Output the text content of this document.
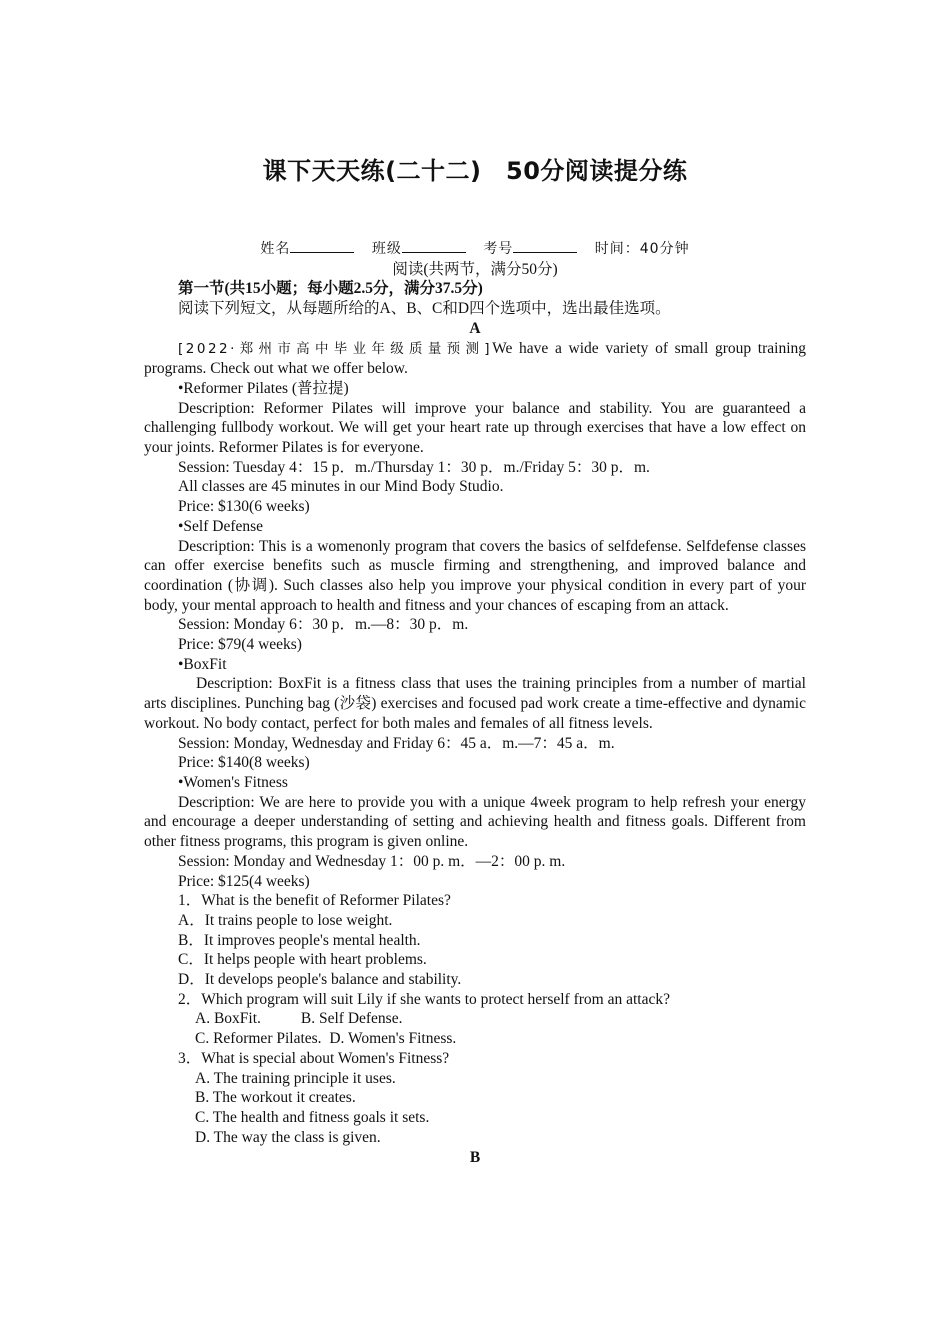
课下天天练(二十二)　50分阅读提分练

姓名	班级	考号	时间：40分钟

阅读(共两节，满分50分)

第一节(共15小题；每小题2.5分，满分37.5分)

阅读下列短文，从每题所给的A、B、C和D四个选项中，选出最佳选项。

A

[2022·郑州市高中毕业年级质量预测]We have a wide variety of small group training programs. Check out what we offer below.

•Reformer Pilates (普拉提)

Description: Reformer Pilates will improve your balance and stability. You are guaranteed a challenging fullbody workout. We will get your heart rate up through exercises that have a low effect on your joints. Reformer Pilates is for everyone.

Session: Tuesday 4：15 p．m./Thursday 1：30 p．m./Friday 5：30 p．m.

All classes are 45 minutes in our Mind Body Studio.

Price: $130(6 weeks)

•Self Defense

Description: This is a womenonly program that covers the basics of selfdefense. Selfdefense classes can offer exercise benefits such as muscle firming and strengthening, and improved balance and coordination (协调). Such classes also help you improve your physical condition in every part of your body, your mental approach to health and fitness and your chances of escaping from an attack.

Session: Monday 6：30 p．m.—8：30 p．m.

Price: $79(4 weeks)

•BoxFit

Description: BoxFit is a fitness class that uses the training principles from a number of martial arts disciplines. Punching bag (沙袋) exercises and focused pad work create a time-effective and dynamic workout. No body contact, perfect for both males and females of all fitness levels.

Session: Monday, Wednesday and Friday 6：45 a．m.—7：45 a．m.

Price: $140(8 weeks)

•Women's Fitness

Description: We are here to provide you with a unique 4week program to help refresh your energy and encourage a deeper understanding of setting and achieving health and fitness goals. Different from other fitness programs, this program is given online.

Session: Monday and Wednesday 1：00 p. m．—2：00 p. m.

Price: $125(4 weeks)

1．What is the benefit of Reformer Pilates?

A．It trains people to lose weight.

B．It improves people's mental health.

C．It helps people with heart problems.

D．It develops people's balance and stability.

2．Which program will suit Lily if she wants to protect herself from an attack?

A. BoxFit.	B. Self Defense.

C. Reformer Pilates. D. Women's Fitness.

3．What is special about Women's Fitness?

A. The training principle it uses.

B. The workout it creates.

C. The health and fitness goals it sets.

D. The way the class is given.

B
